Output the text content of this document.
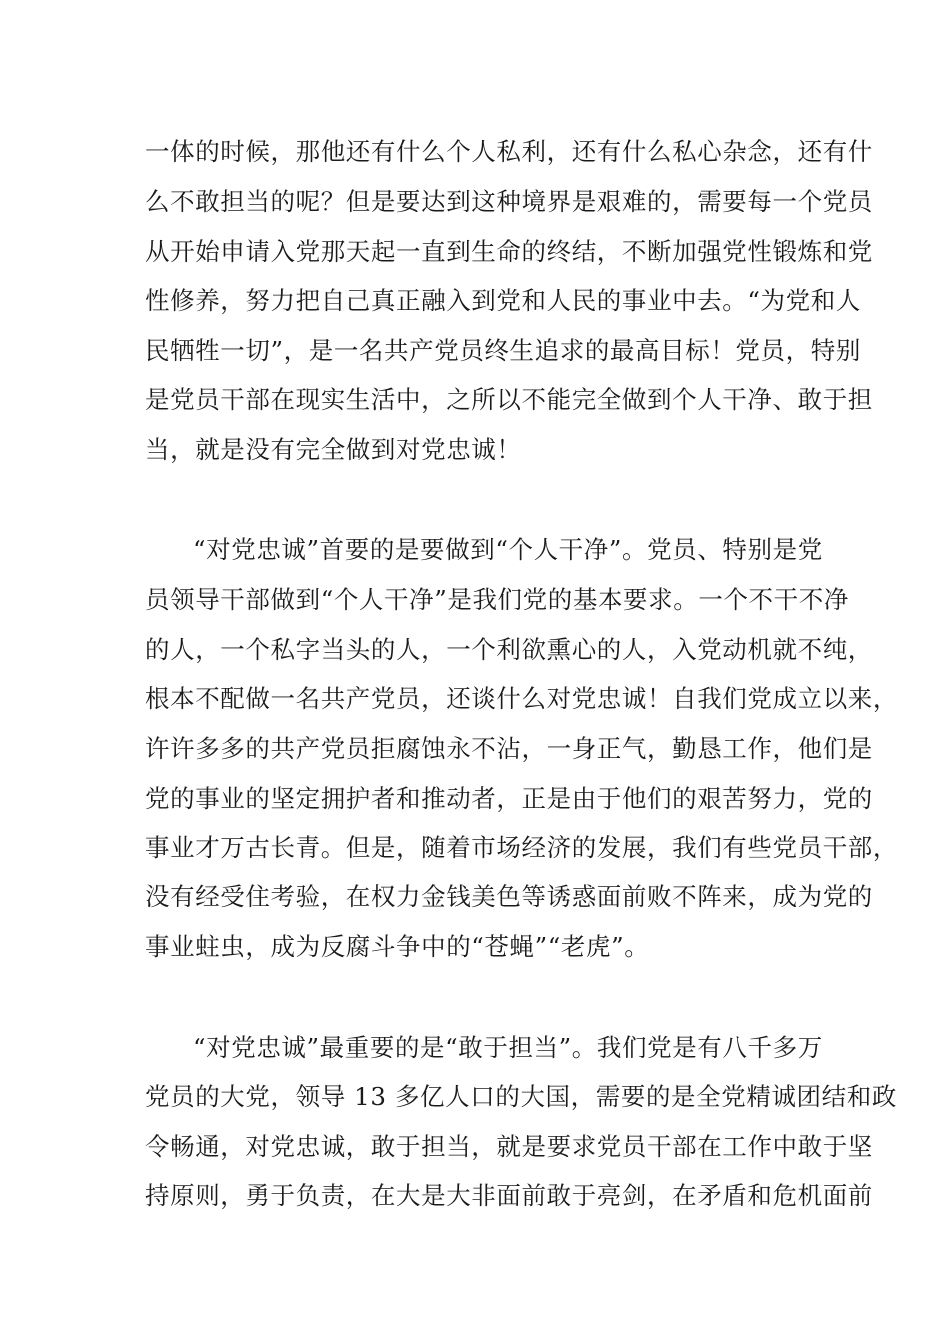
一体的时候，那他还有什么个人私利，还有什么私心杂念，还有什
么不敢担当的呢？但是要达到这种境界是艰难的，需要每一个党员
从开始申请入党那天起一直到生命的终结，不断加强党性锻炼和党
性修养，努力把自己真正融入到党和人民的事业中去。“为党和人
民牺牲一切”，是一名共产党员终生追求的最高目标！党员，特别
是党员干部在现实生活中，之所以不能完全做到个人干净、敢于担
当，就是没有完全做到对党忠诚！
“对党忠诚”首要的是要做到“个人干净”。党员、特别是党
员领导干部做到“个人干净”是我们党的基本要求。一个不干不净
的人，一个私字当头的人，一个利欲熏心的人，入党动机就不纯，
根本不配做一名共产党员，还谈什么对党忠诚！自我们党成立以来，
许许多多的共产党员拒腐蚀永不沾，一身正气，勤恳工作，他们是
党的事业的坚定拥护者和推动者，正是由于他们的艰苦努力，党的
事业才万古长青。但是，随着市场经济的发展，我们有些党员干部，
没有经受住考验，在权力金钱美色等诱惑面前败不阵来，成为党的
事业蛀虫，成为反腐斗争中的“苍蝇”“老虎”。
“对党忠诚”最重要的是“敢于担当”。我们党是有八千多万
党员的大党，领导 13 多亿人口的大国，需要的是全党精诚团结和政
令畅通，对党忠诚，敢于担当，就是要求党员干部在工作中敢于坚
持原则，勇于负责，在大是大非面前敢于亮剑，在矛盾和危机面前
